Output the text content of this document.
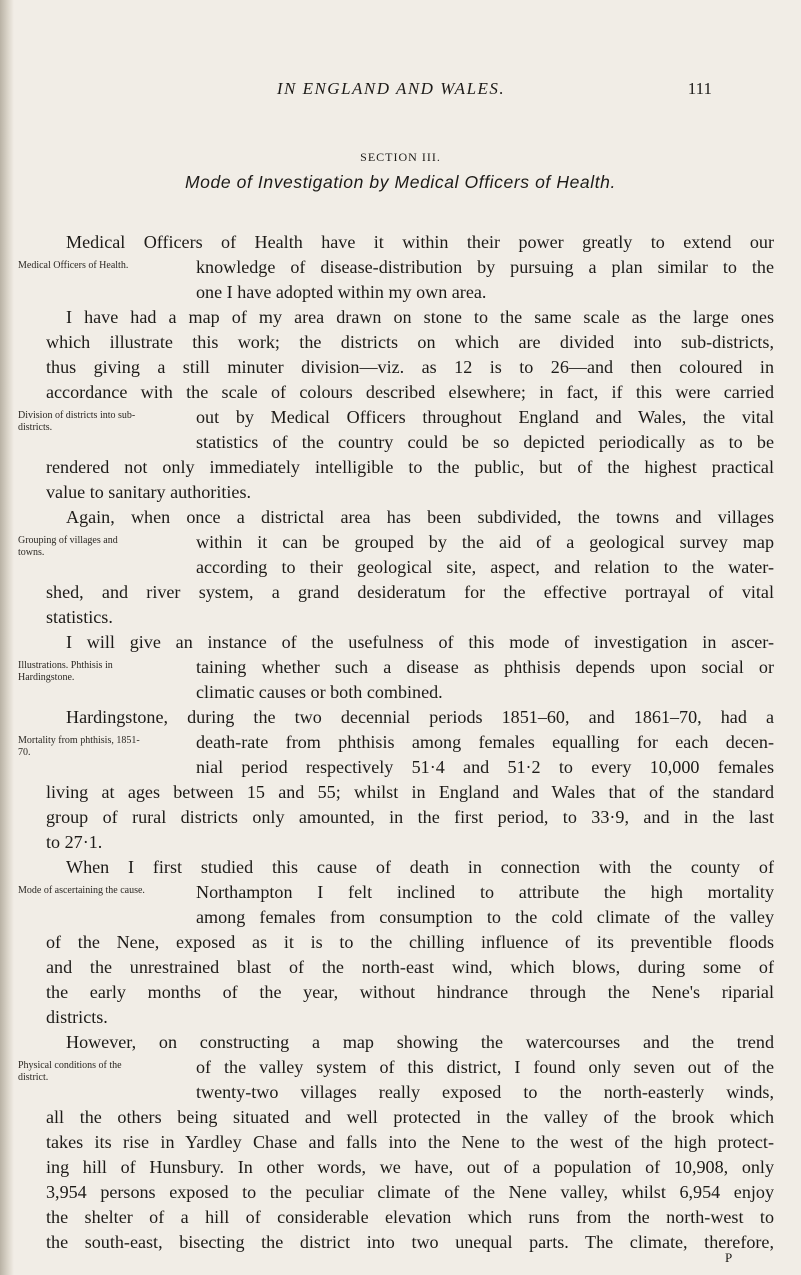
IN ENGLAND AND WALES.	111
SECTION III.
Mode of Investigation by Medical Officers of Health.
Medical Officers of Health have it within their power greatly to extend our
knowledge of disease-distribution by pursuing a plan similar to the
one I have adopted within my own area.
I have had a map of my area drawn on stone to the same scale as the large ones
which illustrate this work; the districts on which are divided into sub-districts,
thus giving a still minuter division—viz. as 12 is to 26—and then coloured in
accordance with the scale of colours described elsewhere; in fact, if this were carried
out by Medical Officers throughout England and Wales, the vital
statistics of the country could be so depicted periodically as to be
rendered not only immediately intelligible to the public, but of the highest practical
value to sanitary authorities.
Again, when once a districtal area has been subdivided, the towns and villages
within it can be grouped by the aid of a geological survey map
according to their geological site, aspect, and relation to the water-
shed, and river system, a grand desideratum for the effective portrayal of vital
statistics.
I will give an instance of the usefulness of this mode of investigation in ascer-
taining whether such a disease as phthisis depends upon social or
climatic causes or both combined.
Hardingstone, during the two decennial periods 1851–60, and 1861–70, had a
death-rate from phthisis among females equalling for each decen-
nial period respectively 51·4 and 51·2 to every 10,000 females
living at ages between 15 and 55; whilst in England and Wales that of the standard
group of rural districts only amounted, in the first period, to 33·9, and in the last
to 27·1.
When I first studied this cause of death in connection with the county of
Northampton I felt inclined to attribute the high mortality
among females from consumption to the cold climate of the valley
of the Nene, exposed as it is to the chilling influence of its preventible floods
and the unrestrained blast of the north-east wind, which blows, during some of
the early months of the year, without hindrance through the Nene's riparial
districts.
However, on constructing a map showing the watercourses and the trend
of the valley system of this district, I found only seven out of the
twenty-two villages really exposed to the north-easterly winds,
all the others being situated and well protected in the valley of the brook which
takes its rise in Yardley Chase and falls into the Nene to the west of the high protect-
ing hill of Hunsbury. In other words, we have, out of a population of 10,908, only
3,954 persons exposed to the peculiar climate of the Nene valley, whilst 6,954 enjoy
the shelter of a hill of considerable elevation which runs from the north-west to
the south-east, bisecting the district into two unequal parts. The climate, therefore,
Medical Officers of Health.
Division of districts into sub-districts.
Grouping of villages and towns.
Illustrations. Phthisis in Hardingstone.
Mortality from phthisis, 1851-70.
Mode of ascertaining the cause.
Physical conditions of the district.
P
